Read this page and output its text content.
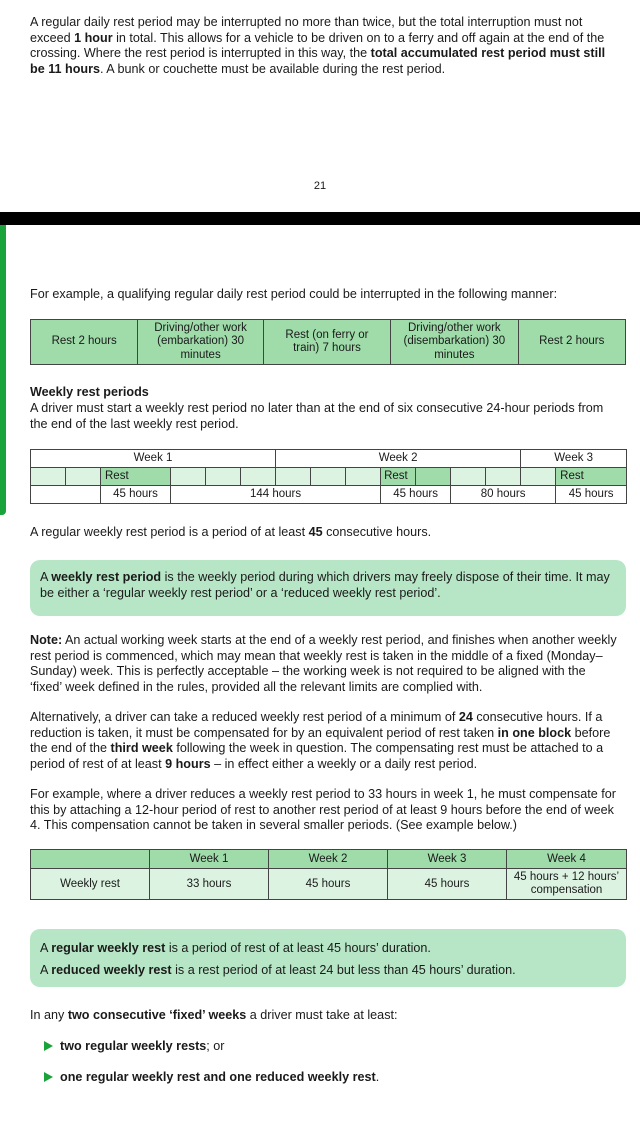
A regular daily rest period may be interrupted no more than twice, but the total interruption must not exceed 1 hour in total. This allows for a vehicle to be driven on to a ferry and off again at the end of the crossing. Where the rest period is interrupted in this way, the total accumulated rest period must still be 11 hours. A bunk or couchette must be available during the rest period.

21

For example, a qualifying regular daily rest period could be interrupted in the following manner:

Rest 2 hours	Driving/other work (embarkation) 30 minutes	Rest (on ferry or train) 7 hours	Driving/other work (disembarkation) 30 minutes	Rest 2 hours

Weekly rest periods

A driver must start a weekly rest period no later than at the end of six consecutive 24-hour periods from the end of the last weekly rest period.

Week 1						Week 2							Week 3	
		Rest							Rest					Rest
		45 hours	144 hours						45 hours		80 hours			45 hours

A regular weekly rest period is a period of at least 45 consecutive hours.

A weekly rest period is the weekly period during which drivers may freely dispose of their time. It may be either a ‘regular weekly rest period’ or a ‘reduced weekly rest period’.

Note: An actual working week starts at the end of a weekly rest period, and finishes when another weekly rest period is commenced, which may mean that weekly rest is taken in the middle of a fixed (Monday–Sunday) week. This is perfectly acceptable – the working week is not required to be aligned with the ‘fixed’ week defined in the rules, provided all the relevant limits are complied with.

Alternatively, a driver can take a reduced weekly rest period of a minimum of 24 consecutive hours. If a reduction is taken, it must be compensated for by an equivalent period of rest taken in one block before the end of the third week following the week in question. The compensating rest must be attached to a period of rest of at least 9 hours – in effect either a weekly or a daily rest period.

For example, where a driver reduces a weekly rest period to 33 hours in week 1, he must compensate for this by attaching a 12-hour period of rest to another rest period of at least 9 hours before the end of week 4. This compensation cannot be taken in several smaller periods. (See example below.)

	Week 1	Week 2	Week 3	Week 4
Weekly rest	33 hours	45 hours	45 hours	45 hours + 12 hours’ compensation
A regular weekly rest is a period of rest of at least 45 hours’ duration.
A reduced weekly rest is a rest period of at least 24 but less than 45 hours’ duration.

In any two consecutive ‘fixed’ weeks a driver must take at least:

two regular weekly rests; or
one regular weekly rest and one reduced weekly rest.
